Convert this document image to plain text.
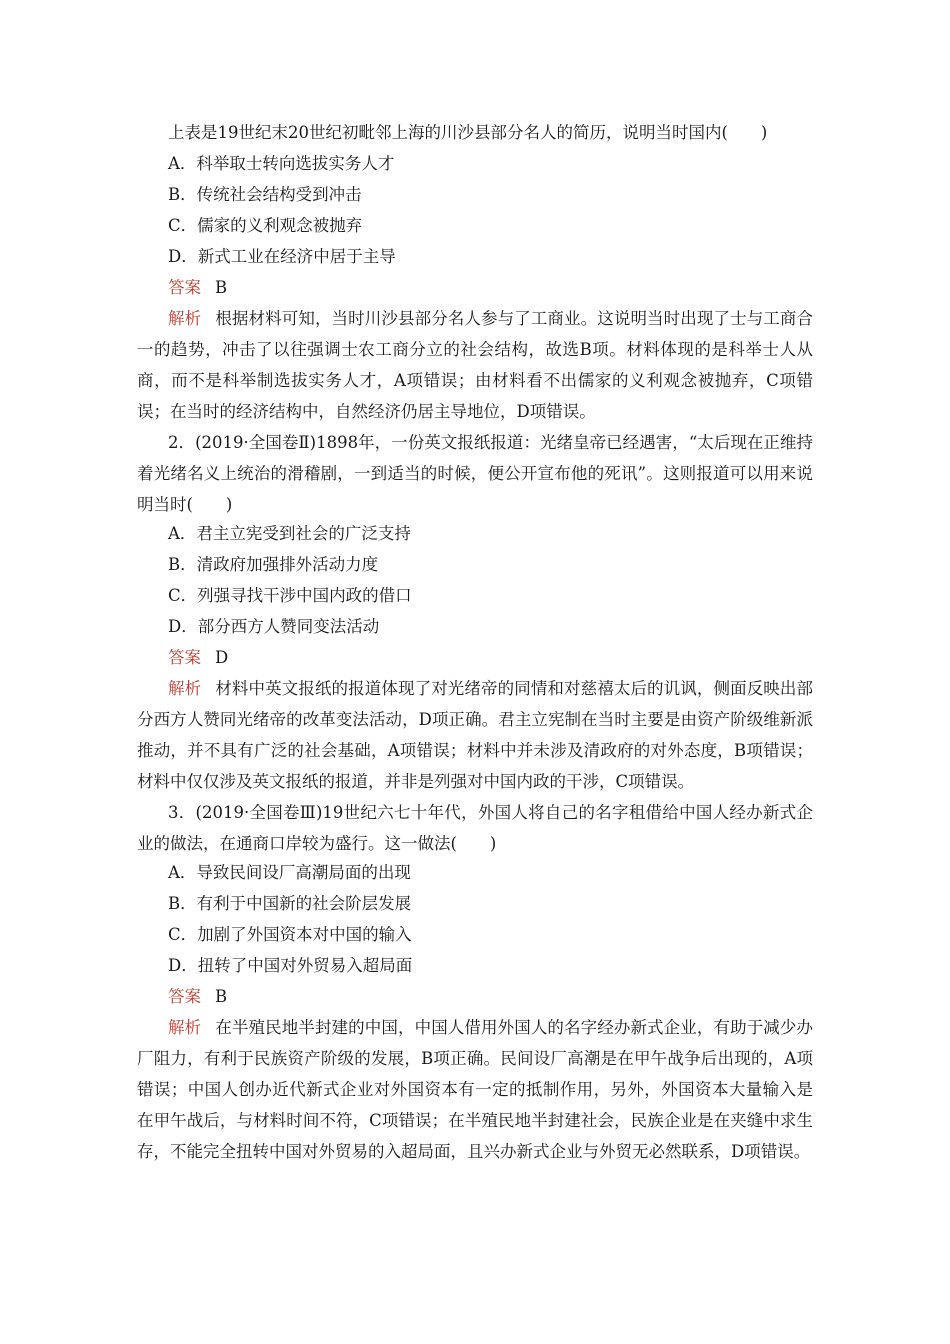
上表是19世纪末20世纪初毗邻上海的川沙县部分名人的简历，说明当时国内(　　)
A．科举取士转向选拔实务人才
B．传统社会结构受到冲击
C．儒家的义利观念被抛弃
D．新式工业在经济中居于主导
答案 B
解析 根据材料可知，当时川沙县部分名人参与了工商业。这说明当时出现了士与工商合一的趋势，冲击了以往强调士农工商分立的社会结构，故选B项。材料体现的是科举士人从商，而不是科举制选拔实务人才，A项错误；由材料看不出儒家的义利观念被抛弃，C项错误；在当时的经济结构中，自然经济仍居主导地位，D项错误。
2．(2019·全国卷Ⅱ)1898年，一份英文报纸报道：光绪皇帝已经遇害，“太后现在正维持着光绪名义上统治的滑稽剧，一到适当的时候，便公开宣布他的死讯”。这则报道可以用来说明当时(　　)
A．君主立宪受到社会的广泛支持
B．清政府加强排外活动力度
C．列强寻找干涉中国内政的借口
D．部分西方人赞同变法活动
答案 D
解析 材料中英文报纸的报道体现了对光绪帝的同情和对慈禧太后的讥讽，侧面反映出部分西方人赞同光绪帝的改革变法活动，D项正确。君主立宪制在当时主要是由资产阶级维新派推动，并不具有广泛的社会基础，A项错误；材料中并未涉及清政府的对外态度，B项错误；材料中仅仅涉及英文报纸的报道，并非是列强对中国内政的干涉，C项错误。
3．(2019·全国卷Ⅲ)19世纪六七十年代，外国人将自己的名字租借给中国人经办新式企业的做法，在通商口岸较为盛行。这一做法(　　)
A．导致民间设厂高潮局面的出现
B．有利于中国新的社会阶层发展
C．加剧了外国资本对中国的输入
D．扭转了中国对外贸易入超局面
答案 B
解析 在半殖民地半封建的中国，中国人借用外国人的名字经办新式企业，有助于减少办厂阻力，有利于民族资产阶级的发展，B项正确。民间设厂高潮是在甲午战争后出现的，A项错误；中国人创办近代新式企业对外国资本有一定的抵制作用，另外，外国资本大量输入是在甲午战后，与材料时间不符，C项错误；在半殖民地半封建社会，民族企业是在夹缝中求生存，不能完全扭转中国对外贸易的入超局面，且兴办新式企业与外贸无必然联系，D项错误。
